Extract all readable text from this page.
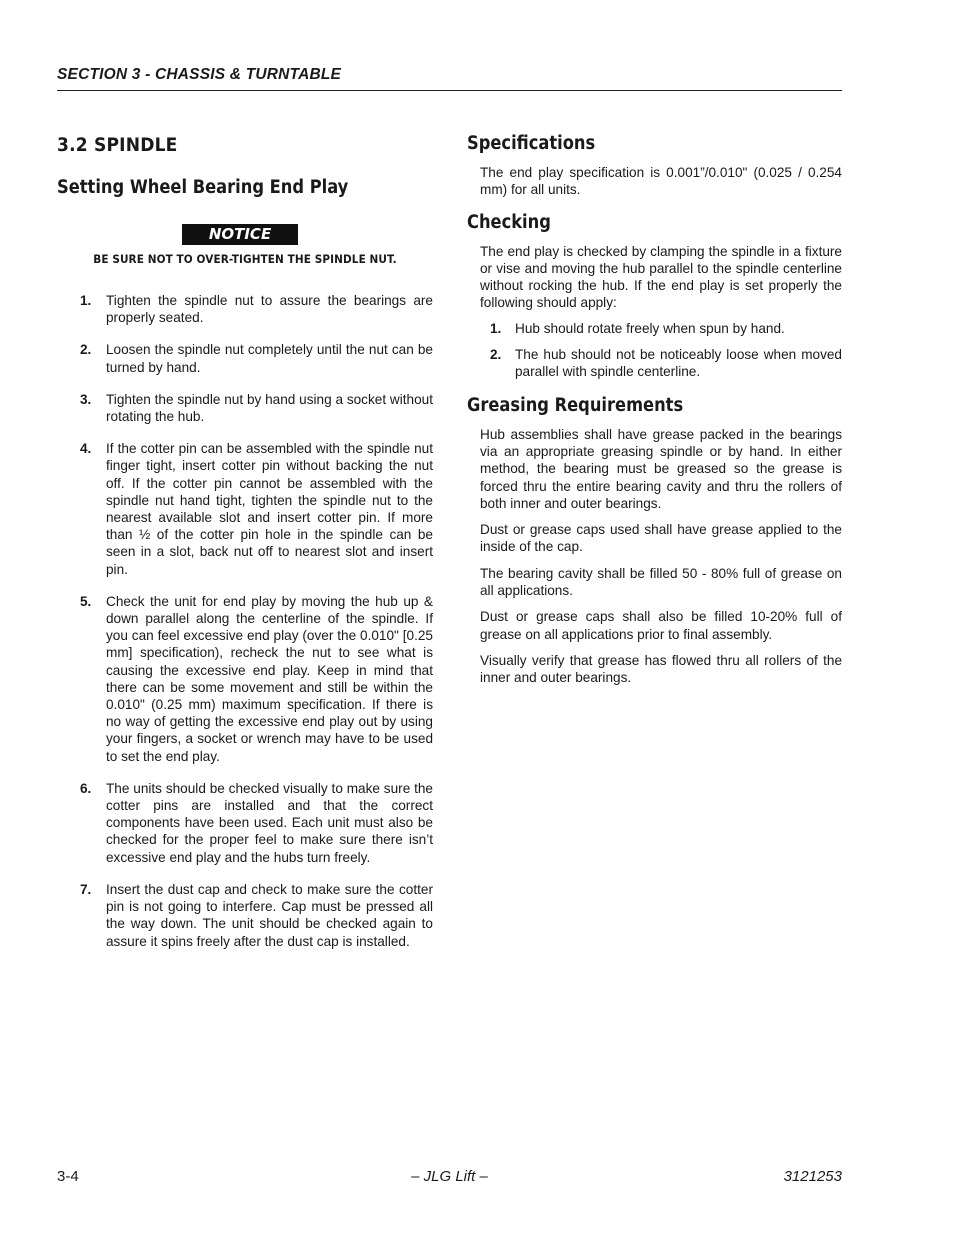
SECTION 3 - CHASSIS & TURNTABLE
3.2 SPINDLE
Setting Wheel Bearing End Play
NOTICE
BE SURE NOT TO OVER-TIGHTEN THE SPINDLE NUT.
1. Tighten the spindle nut to assure the bearings are properly seated.
2. Loosen the spindle nut completely until the nut can be turned by hand.
3. Tighten the spindle nut by hand using a socket without rotating the hub.
4. If the cotter pin can be assembled with the spindle nut finger tight, insert cotter pin without backing the nut off. If the cotter pin cannot be assembled with the spindle nut hand tight, tighten the spindle nut to the nearest available slot and insert cotter pin. If more than ½ of the cotter pin hole in the spindle can be seen in a slot, back nut off to nearest slot and insert pin.
5. Check the unit for end play by moving the hub up & down parallel along the centerline of the spindle. If you can feel excessive end play (over the 0.010" [0.25 mm] specification), recheck the nut to see what is causing the excessive end play. Keep in mind that there can be some movement and still be within the 0.010" (0.25 mm) maximum specification. If there is no way of getting the excessive end play out by using your fingers, a socket or wrench may have to be used to set the end play.
6. The units should be checked visually to make sure the cotter pins are installed and that the correct components have been used. Each unit must also be checked for the proper feel to make sure there isn’t excessive end play and the hubs turn freely.
7. Insert the dust cap and check to make sure the cotter pin is not going to interfere. Cap must be pressed all the way down. The unit should be checked again to assure it spins freely after the dust cap is installed.
Specifications

The end play specification is 0.001”/0.010" (0.025 / 0.254 mm) for all units.

Checking

The end play is checked by clamping the spindle in a fixture or vise and moving the hub parallel to the spindle centerline without rocking the hub. If the end play is set properly the following should apply:

1. Hub should rotate freely when spun by hand.
2. The hub should not be noticeably loose when moved parallel with spindle centerline.
Greasing Requirements

Hub assemblies shall have grease packed in the bearings via an appropriate greasing spindle or by hand. In either method, the bearing must be greased so the grease is forced thru the entire bearing cavity and thru the rollers of both inner and outer bearings.

Dust or grease caps used shall have grease applied to the inside of the cap.

The bearing cavity shall be filled 50 - 80% full of grease on all applications.

Dust or grease caps shall also be filled 10-20% full of grease on all applications prior to final assembly.

Visually verify that grease has flowed thru all rollers of the inner and outer bearings.

3-4	– JLG Lift –	3121253
